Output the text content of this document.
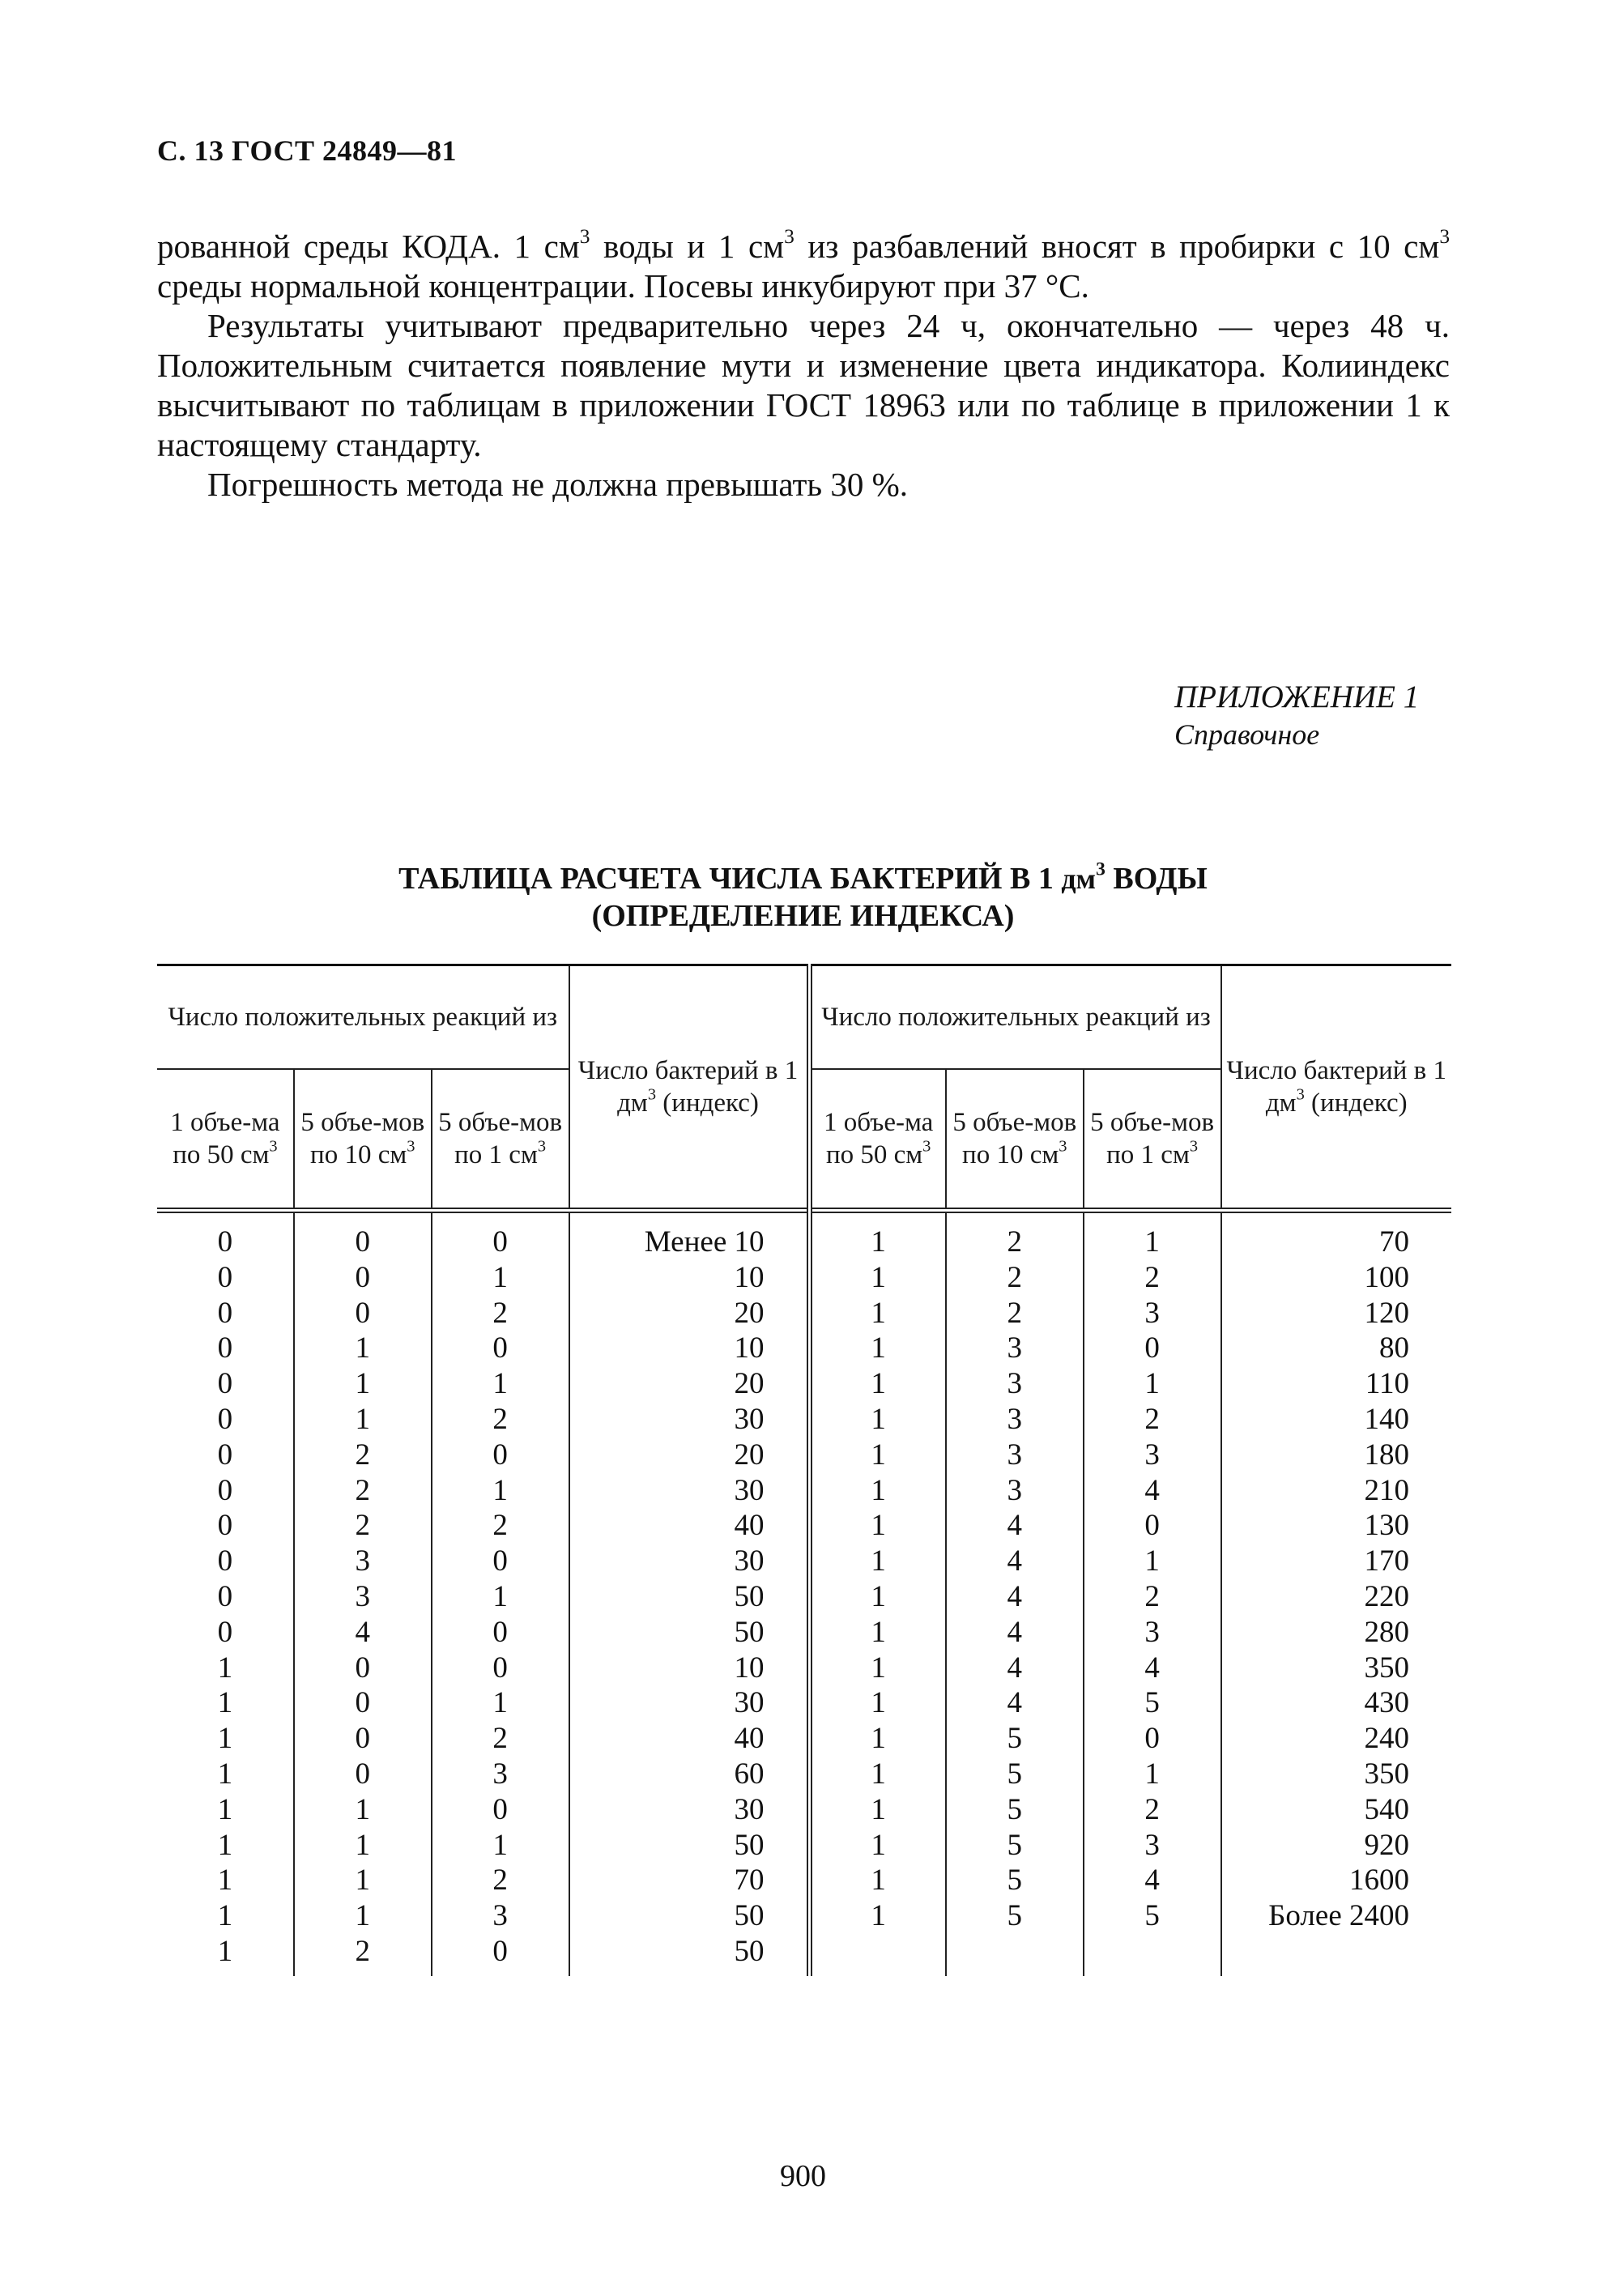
С. 13 ГОСТ 24849—81

рованной среды КОДА. 1 $см^3$ воды и 1 $см^3$ из разбавлений вносят в пробирки с 10 $см^3$ среды нормальной концентрации. Посевы инкубируют при 37 °С.

Результаты учитывают предварительно через 24 ч, окончательно — через 48 ч. Положительным считается появление мути и изменение цвета индикатора. Колииндекс высчитывают по таблицам в приложении ГОСТ 18963 или по таблице в приложении 1 к настоящему стандарту.

Погрешность метода не должна превышать 30 %.

ПРИЛОЖЕНИЕ 1
Справочное
ТАБЛИЦА РАСЧЕТА ЧИСЛА БАКТЕРИЙ В 1 $дм^3$ ВОДЫ
(ОПРЕДЕЛЕНИЕ ИНДЕКСА)
Число положительных реакций из			Число бактерий в 1 $дм^3$ (индекс)	Число положительных реакций из			Число бактерий в 1 $дм^3$ (индекс)
1 объе-ма по 50 $см^3$	5 объе-мов по 10 $см^3$	5 объе-мов по 1 $см^3$		1 объе-ма по 50 $см^3$	5 объе-мов по 10 $см^3$	5 объе-мов по 1 $см^3$
0	0	0	Менее 10	1	2	1	70
0	0	1	10	1	2	2	100
0	0	2	20	1	2	3	120
0	1	0	10	1	3	0	80
0	1	1	20	1	3	1	110
0	1	2	30	1	3	2	140
0	2	0	20	1	3	3	180
0	2	1	30	1	3	4	210
0	2	2	40	1	4	0	130
0	3	0	30	1	4	1	170
0	3	1	50	1	4	2	220
0	4	0	50	1	4	3	280
1	0	0	10	1	4	4	350
1	0	1	30	1	4	5	430
1	0	2	40	1	5	0	240
1	0	3	60	1	5	1	350
1	1	0	30	1	5	2	540
1	1	1	50	1	5	3	920
1	1	2	70	1	5	4	1600
1	1	3	50	1	5	5	Более 2400
1	2	0	50				
900
